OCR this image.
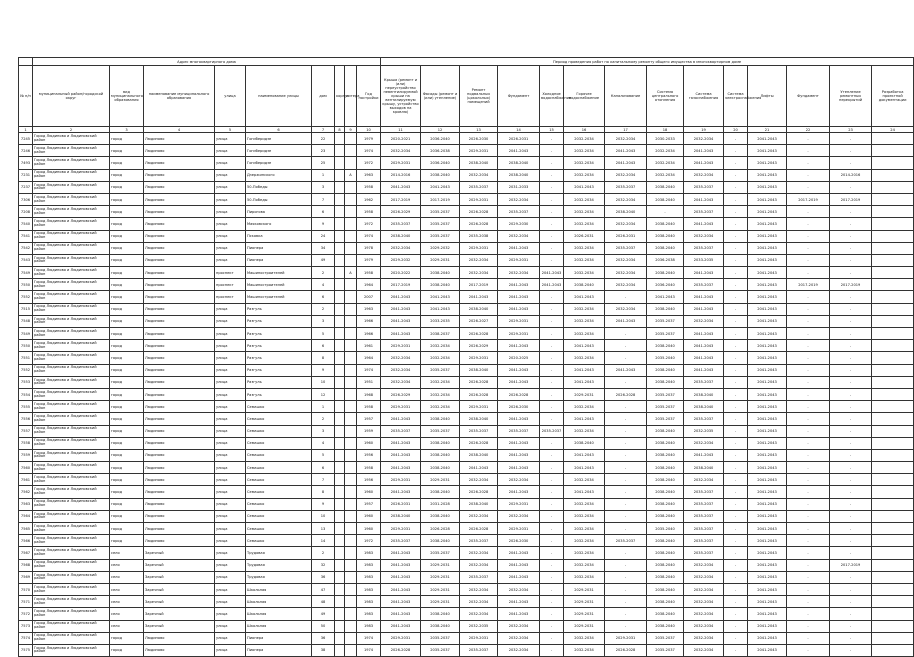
	Адрес многоквартирного дома									Период проведения работ по капитальному ремонту общего имущества в многоквартирном доме													
№ п/п	муниципальный район/городской округ	вид муниципального образования	наименование муниципального образования	улица	наименование улицы	дом	корпус	литера	Год постройки	Крыша (ремонт и (или) переустройство невентилируемой крыши на вентилируемую крышу, устройство выходов на кровлю)	Фасады (ремонт и (или) утепление)	Ремонт подвальных (цокольных) помещений	Фундамент	Холодное водоснабжение	Горячее водоснабжение	Канализование	Система центрального отопления	Система газоснабжения	Система электроснабжения	Лифты	Фундамент	Утепление ремонтных перекрытий	Разработка проектной документации
1	2	3	4	5	6	7	8	9	10	11	12	13	14	15	16	17	18	19	20	21	22	23	24
7245	Город Людиново и Людиновский район	город	Людиново	улица	Гогиберидзе	22			1979	2020-2021	2036-2040	2026-2030	2026-2031	-	2032-2034	2032-2034	2030-2033	2032-2034	-	2041-2043	-	-	
7246	Город Людиново и Людиновский район	город	Людиново	улица	Гогиберидзе	23			1974	2032-2034	2036-2038	2029-2031	2041-2043	-	2032-2034	2041-2043	2032-2034	2041-2043	-	2041-2043	-	-	
7493	Город Людиново и Людиновский район	город	Людиново	улица	Гогиберидзе	25			1972	2029-2031	2036-2040	2038-2040	2038-2040	-	2032-2034	2041-2043	2032-2034	2041-2043	-	2041-2043	-	-	
7231	Город Людиново и Людиновский район	город	Людиново	улица	Дзержинского	1		А	1963	2014-2016	2038-2040	2032-2034	2038-2040	-	2032-2034	2032-2034	2032-2034	2032-2034	-	2041-2043	-	2014-2016	
7237	Город Людиново и Людиновский район	город	Людиново	улица	50-Победы	3			1958	2041-2043	2041-2043	2035-2037	2031-2033	-	2041-2043	2035-2037	2038-2040	2035-2037	-	2041-2043	-	-	
7306	Город Людиново и Людиновский район	город	Людиново	улица	50-Победы	7			1962	2017-2019	2017-2019	2029-2031	2032-2034	-	2032-2034	2032-2034	2038-2040	2041-2043	-	2041-2043	2017-2019	2017-2019	
7208	Город Людиново и Людиновский район	город	Людиново	улица	Пирогова	6			1958	2026-2029	2035-2037	2026-2028	2035-2037	-	2032-2034	2038-2040	-	2035-2037	-	2041-2043	-	-	
7540	Город Людиново и Людиновский район	город	Людиново	улица	Маяковского	9			1972	2035-2037	2035-2037	2026-2028	2029-2030	-	2032-2034	2032-2034	2038-2040	2041-2043	-	2041-2043	-	-	
7541	Город Людиново и Людиновский район	город	Людиново	улица	Псковка	24			1974	2038-2040	2035-2037	2035-2038	2032-2034	-	2026-2031	2026-2031	2038-2040	2032-2034	-	2041-2043	-	-	
7542	Город Людиново и Людиновский район	город	Людиново	улица	Пионера	34			1978	2032-2034	2029-2032	2029-2031	2041-2043	-	2032-2034	2035-2037	2038-2040	2035-2037	-	2041-2043	-	-	
7543	Город Людиново и Людиновский район	город	Людиново	улица	Пионера	49			1979	2029-2032	2029-2031	2032-2034	2029-2031	-	2032-2034	2032-2034	2036-2038	2033-2035	-	2041-2043	-	-	
7549	Город Людиново и Людиновский район	город	Людиново	проспект	Машиностроителей	2		А	1958	2020-2022	2038-2040	2032-2034	2032-2034	2041-2043	2032-2034	2032-2034	2038-2040	2041-2043	-	2041-2043	-	-	
7550	Город Людиново и Людиновский район	город	Людиново	проспект	Машиностроителей	4			1964	2017-2019	2038-2040	2017-2019	2041-2043	2041-2043	2038-2040	2032-2034	2036-2040	2035-2037	-	2041-2043	2017-2019	2017-2019	
7552	Город Людиново и Людиновский район	город	Людиново	проспект	Машиностроителей	6			2007	2041-2043	2041-2043	2041-2043	2041-2043	-	2041-2043	-	2041-2043	2041-2043	-	2041-2043	-	-	
7515	Город Людиново и Людиновский район	город	Людиново	улица	Разгуль	2			1963	2041-2043	2041-2043	2038-2040	2041-2043	-	2032-2034	2032-2034	2038-2040	2041-2043	-	2041-2043	-	-	
7548	Город Людиново и Людиновский район	город	Людиново	улица	Разгуль	3			1966	2041-2043	2033-2035	2026-2027	2029-2031	-	2032-2034	2041-2043	2035-2037	2032-2034	-	2041-2043	-	-	
7549	Город Людиново и Людиновский район	город	Людиново	улица	Разгуль	5			1966	2041-2043	2038-2037	2026-2028	2029-2031	-	2032-2034	-	2035-2037	2041-2043	-	2041-2043	-	-	
7550	Город Людиново и Людиновский район	город	Людиново	улица	Разгуль	6			1961	2029-2031	2032-2034	2026-2029	2041-2043	-	2041-2043	-	2038-2040	2041-2043	-	2041-2043	-	-	
7551	Город Людиново и Людиновский район	город	Людиново	улица	Разгуль	8			1964	2032-2034	2032-2034	2029-2031	2020-2025	-	2032-2034	-	2035-2040	2041-2043	-	2041-2043	-	-	
7552	Город Людиново и Людиновский район	город	Людиново	улица	Разгуль	9			1974	2032-2034	2035-2037	2038-2040	2041-2043	-	2041-2043	2041-2043	2038-2040	2041-2043	-	2041-2043	-	-	
7553	Город Людиново и Людиновский район	город	Людиново	улица	Разгуль	10			1951	2032-2034	2032-2034	2026-2028	2041-2043	-	2041-2043	-	2038-2040	2035-2037	-	2041-2043	-	-	
7554	Город Людиново и Людиновский район	город	Людиново	улица	Разгуль	12			1968	2026-2029	2032-2034	2026-2028	2026-2028	-	2029-2031	2026-2028	2035-2037	2038-2040	-	2041-2043	-	-	
7555	Город Людиново и Людиновский район	город	Людиново	улица	Семашко	1			1958	2029-2031	2032-2034	2029-2031	2026-2030	-	2032-2034	-	2035-2037	2038-2040	-	2041-2043	-	-	
7556	Город Людиново и Людиновский район	город	Людиново	улица	Семашко	2			1957	2041-2043	2038-2040	2038-2040	2041-2043	-	2041-2043	-	2035-2037	2035-2037	-	2041-2043	-	-	
7557	Город Людиново и Людиновский район	город	Людиново	улица	Семашко	3			1959	2035-2037	2035-2037	2035-2037	2035-2037	2035-2037	2032-2034	-	2038-2040	2032-2035	-	2041-2043	-	-	
7558	Город Людиново и Людиновский район	город	Людиново	улица	Семашко	4			1960	2041-2043	2038-2040	2026-2028	2041-2043	-	2038-2040	-	2038-2040	2032-2034	-	2041-2043	-	-	
7559	Город Людиново и Людиновский район	город	Людиново	улица	Семашко	5			1956	2041-2043	2038-2040	2038-2040	2041-2043	-	2041-2043	-	2038-2040	2041-2043	-	2041-2043	-	-	
7560	Город Людиново и Людиновский район	город	Людиново	улица	Семашко	6			1958	2041-2043	2038-2040	2041-2043	2041-2043	-	2041-2043	-	2038-2040	2038-2040	-	2041-2043	-	-	
7561	Город Людиново и Людиновский район	город	Людиново	улица	Семашко	7			1956	2029-2031	2029-2031	2032-2034	2032-2034	-	2032-2034	-	2038-2040	2032-2034	-	2041-2043	-	-	
7562	Город Людиново и Людиновский район	город	Людиново	улица	Семашко	8			1960	2041-2043	2038-2040	2026-2028	2041-2043	-	2041-2043	-	2038-2040	2035-2037	-	2041-2043	-	-	
7563	Город Людиново и Людиновский район	город	Людиново	улица	Семашко	9			1957	2026-2031	2031-2028	2038-2040	2029-2031	-	2032-2034	-	2038-2040	2035-2037	-	2041-2043	-	-	
7564	Город Людиново и Людиновский район	город	Людиново	улица	Семашко	10			1960	2038-2040	2038-2040	2032-2034	2032-2034	-	2032-2034	-	2038-2040	2035-2037	-	2041-2043	-	-	
7565	Город Людиново и Людиновский район	город	Людиново	улица	Семашко	13			1960	2029-2031	2026-2028	2026-2028	2029-2031	-	2032-2034	-	2035-2040	2035-2037	-	2041-2043	-	-	
7566	Город Людиново и Людиновский район	город	Людиново	улица	Семашко	14			1972	2035-2037	2038-2040	2035-2037	2026-2030	-	2032-2034	2035-2037	2038-2040	2035-2037	-	2041-2043	-	-	
7567	Город Людиново и Людиновский район	село	Заречный	улица	Трудовая	2			1983	2041-2043	2035-2037	2032-2034	2041-2043	-	2032-2034	-	2038-2040	2035-2037	-	2041-2043	-	-	
7568	Город Людиново и Людиновский район	село	Заречный	улица	Трудовая	32			1983	2041-2043	2029-2031	2032-2034	2041-2043	-	2032-2034	-	2038-2040	2032-2034	-	2041-2043	-	2017-2019	
7569	Город Людиново и Людиновский район	село	Заречный	улица	Трудовая	36			1983	2041-2043	2029-2031	2035-2037	2041-2043	-	2032-2034	-	2038-2040	2032-2034	-	2041-2043	-	-	
7570	Город Людиново и Людиновский район	село	Заречный	улица	Школьная	47			1983	2041-2043	2029-2031	2032-2034	2032-2034	-	2029-2031	-	2038-2040	2032-2034	-	2041-2043	-	-	
7571	Город Людиново и Людиновский район	село	Заречный	улица	Школьная	48			1983	2041-2043	2029-2031	2032-2034	2041-2043	-	2029-2031	-	2038-2040	2032-2034	-	2041-2043	-	-	
7572	Город Людиново и Людиновский район	село	Заречный	улица	Школьная	49			1983	2041-2043	2038-2040	2032-2034	2041-2043	-	2029-2031	-	2038-2040	2032-2034	-	2041-2043	-	-	
7573	Город Людиново и Людиновский район	село	Заречный	улица	Школьная	50			1983	2041-2043	2038-2040	2032-2035	2032-2034	-	2029-2031	-	2038-2040	2032-2034	-	2041-2043	-	-	
7574	Город Людиново и Людиновский район	город	Людиново	улица	Пионера	36			1974	2029-2031	2035-2037	2029-2031	2032-2034	-	2032-2034	2029-2031	2035-2037	2032-2034	-	2041-2043	-	-	
7575	Город Людиново и Людиновский район	город	Людиново	улица	Пионера	38			1974	2026-2028	2035-2037	2035-2037	2032-2034	-	2032-2034	2026-2028	2035-2037	2032-2034	-	2041-2043	-	-	
